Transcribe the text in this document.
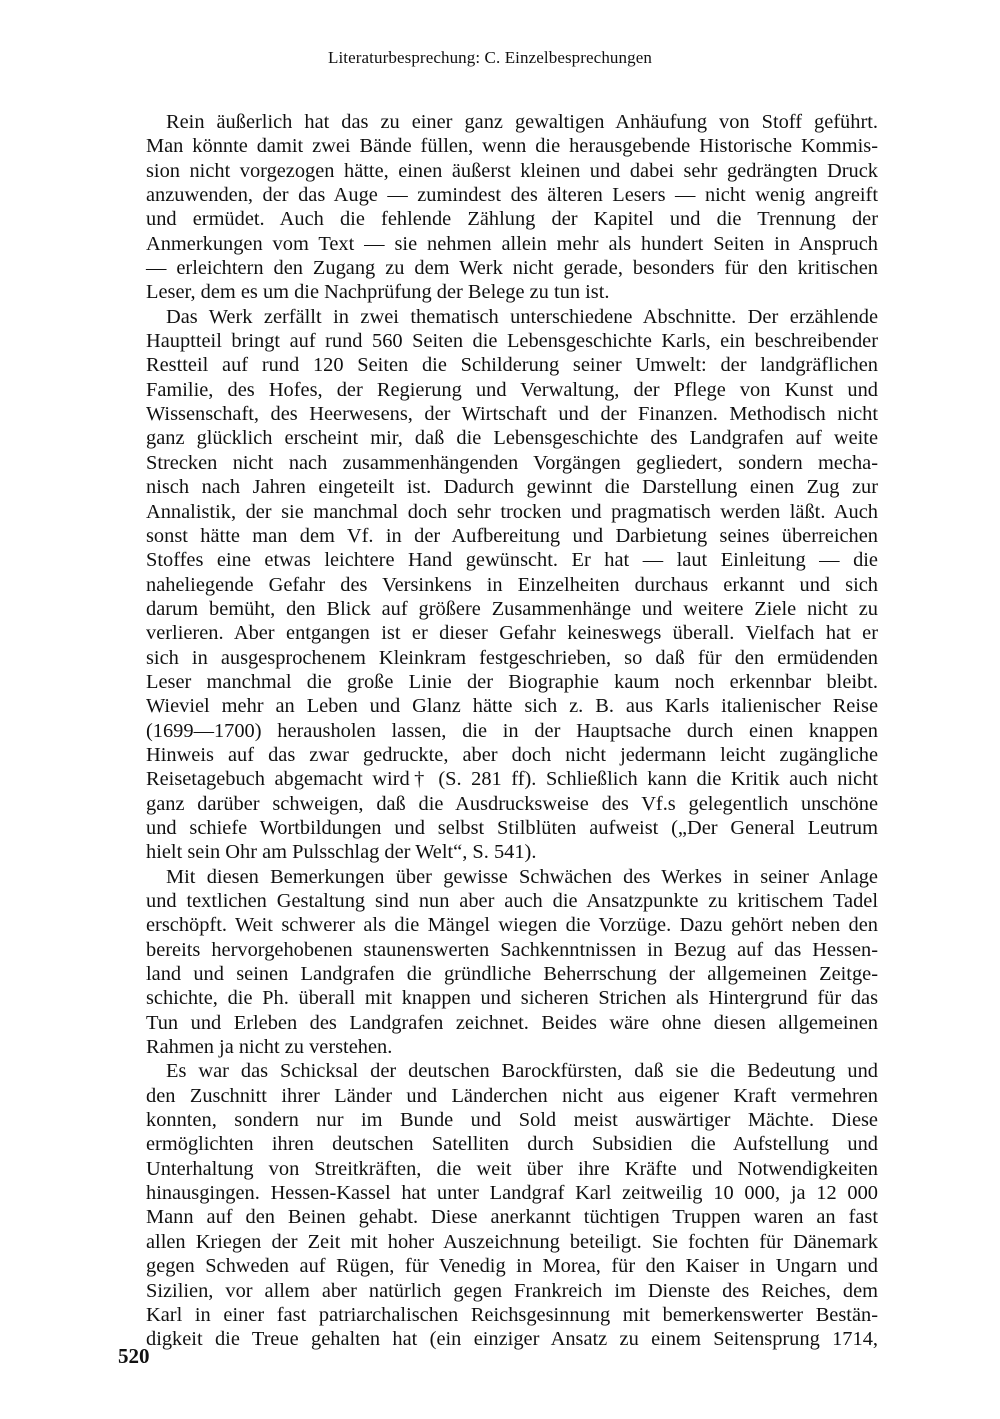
Literaturbesprechung: C. Einzelbesprechungen
Rein äußerlich hat das zu einer ganz gewaltigen Anhäufung von Stoff geführt.
Man könnte damit zwei Bände füllen, wenn die herausgebende Historische Kommis-
sion nicht vorgezogen hätte, einen äußerst kleinen und dabei sehr gedrängten Druck
anzuwenden, der das Auge — zumindest des älteren Lesers — nicht wenig angreift
und ermüdet. Auch die fehlende Zählung der Kapitel und die Trennung der
Anmerkungen vom Text — sie nehmen allein mehr als hundert Seiten in Anspruch
— erleichtern den Zugang zu dem Werk nicht gerade, besonders für den kritischen
Leser, dem es um die Nachprüfung der Belege zu tun ist.
Das Werk zerfällt in zwei thematisch unterschiedene Abschnitte. Der erzählende
Hauptteil bringt auf rund 560 Seiten die Lebensgeschichte Karls, ein beschreibender
Restteil auf rund 120 Seiten die Schilderung seiner Umwelt: der landgräflichen
Familie, des Hofes, der Regierung und Verwaltung, der Pflege von Kunst und
Wissenschaft, des Heerwesens, der Wirtschaft und der Finanzen. Methodisch nicht
ganz glücklich erscheint mir, daß die Lebensgeschichte des Landgrafen auf weite
Strecken nicht nach zusammenhängenden Vorgängen gegliedert, sondern mecha-
nisch nach Jahren eingeteilt ist. Dadurch gewinnt die Darstellung einen Zug zur
Annalistik, der sie manchmal doch sehr trocken und pragmatisch werden läßt. Auch
sonst hätte man dem Vf. in der Aufbereitung und Darbietung seines überreichen
Stoffes eine etwas leichtere Hand gewünscht. Er hat — laut Einleitung — die
naheliegende Gefahr des Versinkens in Einzelheiten durchaus erkannt und sich
darum bemüht, den Blick auf größere Zusammenhänge und weitere Ziele nicht zu
verlieren. Aber entgangen ist er dieser Gefahr keineswegs überall. Vielfach hat er
sich in ausgesprochenem Kleinkram festgeschrieben, so daß für den ermüdenden
Leser manchmal die große Linie der Biographie kaum noch erkennbar bleibt.
Wieviel mehr an Leben und Glanz hätte sich z. B. aus Karls italienischer Reise
(1699—1700) herausholen lassen, die in der Hauptsache durch einen knappen
Hinweis auf das zwar gedruckte, aber doch nicht jedermann leicht zugängliche
Reisetagebuch abgemacht wird† (S. 281 ff). Schließlich kann die Kritik auch nicht
ganz darüber schweigen, daß die Ausdrucksweise des Vf.s gelegentlich unschöne
und schiefe Wortbildungen und selbst Stilblüten aufweist („Der General Leutrum
hielt sein Ohr am Pulsschlag der Welt“, S. 541).
Mit diesen Bemerkungen über gewisse Schwächen des Werkes in seiner Anlage
und textlichen Gestaltung sind nun aber auch die Ansatzpunkte zu kritischem Tadel
erschöpft. Weit schwerer als die Mängel wiegen die Vorzüge. Dazu gehört neben den
bereits hervorgehobenen staunenswerten Sachkenntnissen in Bezug auf das Hessen-
land und seinen Landgrafen die gründliche Beherrschung der allgemeinen Zeitge-
schichte, die Ph. überall mit knappen und sicheren Strichen als Hintergrund für das
Tun und Erleben des Landgrafen zeichnet. Beides wäre ohne diesen allgemeinen
Rahmen ja nicht zu verstehen.
Es war das Schicksal der deutschen Barockfürsten, daß sie die Bedeutung und
den Zuschnitt ihrer Länder und Länderchen nicht aus eigener Kraft vermehren
konnten, sondern nur im Bunde und Sold meist auswärtiger Mächte. Diese
ermöglichten ihren deutschen Satelliten durch Subsidien die Aufstellung und
Unterhaltung von Streitkräften, die weit über ihre Kräfte und Notwendigkeiten
hinausgingen. Hessen-Kassel hat unter Landgraf Karl zeitweilig 10 000, ja 12 000
Mann auf den Beinen gehabt. Diese anerkannt tüchtigen Truppen waren an fast
allen Kriegen der Zeit mit hoher Auszeichnung beteiligt. Sie fochten für Dänemark
gegen Schweden auf Rügen, für Venedig in Morea, für den Kaiser in Ungarn und
Sizilien, vor allem aber natürlich gegen Frankreich im Dienste des Reiches, dem
Karl in einer fast patriarchalischen Reichsgesinnung mit bemerkenswerter Bestän-
digkeit die Treue gehalten hat (ein einziger Ansatz zu einem Seitensprung 1714,
520
